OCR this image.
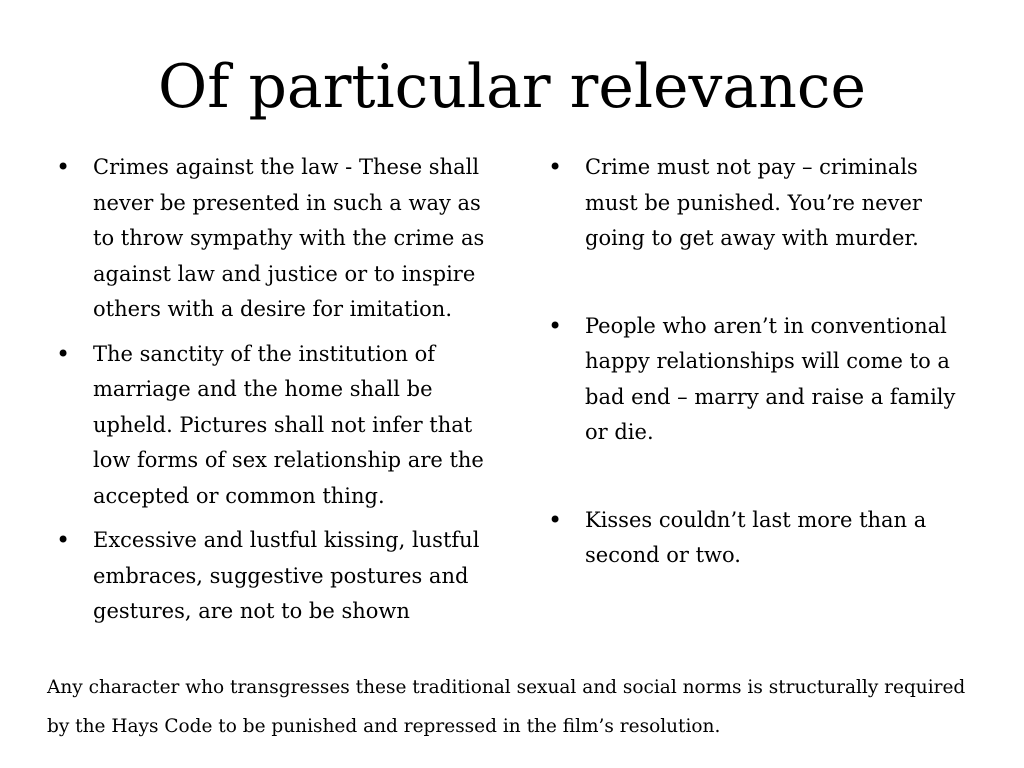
Of particular relevance
• Crimes against the law - These shall never be presented in such a way as to throw sympathy with the crime as against law and justice or to inspire others with a desire for imitation.
• The sanctity of the institution of marriage and the home shall be upheld. Pictures shall not infer that low forms of sex relationship are the accepted or common thing.
• Excessive and lustful kissing, lustful embraces, suggestive postures and gestures, are not to be shown
• Crime must not pay – criminals must be punished. You’re never going to get away with murder.
• People who aren’t in conventional happy relationships will come to a bad end – marry and raise a family or die.
• Kisses couldn’t last more than a second or two.

Any character who transgresses these traditional sexual and social norms is structurally required by the Hays Code to be punished and repressed in the film’s resolution.
